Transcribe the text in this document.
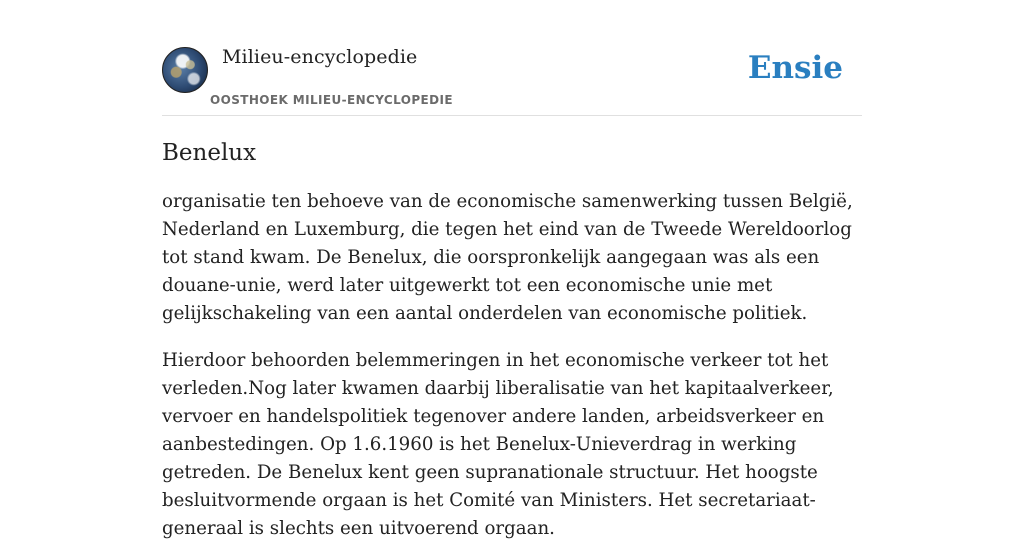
Milieu-encyclopedie
OOSTHOEK MILIEU-ENCYCLOPEDIE
Ensie
Benelux

organisatie ten behoeve van de economische samenwerking tussen België, Nederland en Luxemburg, die tegen het eind van de Tweede Wereldoorlog tot stand kwam. De Benelux, die oorspronkelijk aangegaan was als een douane-unie, werd later uitgewerkt tot een economische unie met gelijkschakeling van een aantal onderdelen van economische politiek.

Hierdoor behoorden belemmeringen in het economische verkeer tot het verleden.Nog later kwamen daarbij liberalisatie van het kapitaalverkeer, vervoer en handelspolitiek tegenover andere landen, arbeidsverkeer en aanbestedingen. Op 1.6.1960 is het Benelux-Unieverdrag in werking getreden. De Benelux kent geen supranationale structuur. Het hoogste besluitvormende orgaan is het Comité van Ministers. Het secretariaat-generaal is slechts een uitvoerend orgaan.
